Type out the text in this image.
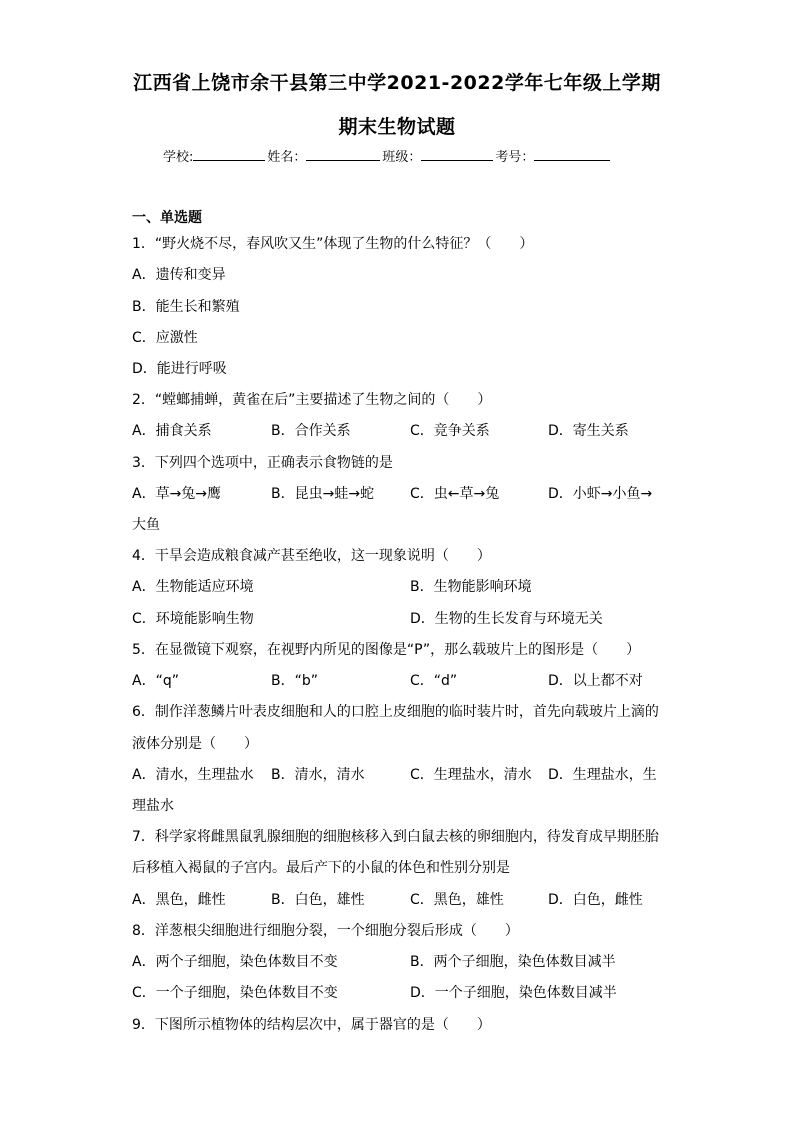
江西省上饶市余干县第三中学2021-2022学年七年级上学期
期末生物试题
学校:	姓名：	班级：	考号：
一、单选题
1．“野火烧不尽，春风吹又生”体现了生物的什么特征？（　　）
A．遗传和变异
B．能生长和繁殖
C．应激性
D．能进行呼吸
2．“螳螂捕蝉，黄雀在后”主要描述了生物之间的（　　）
A．捕食关系	B．合作关系	C．竞争关系	D．寄生关系
3．下列四个选项中，正确表示食物链的是
A．草→兔→鹰	B．昆虫→蛙→蛇	C．虫←草→兔	D．小虾→小鱼→
大鱼
4．干旱会造成粮食减产甚至绝收，这一现象说明（　　）
A．生物能适应环境	B．生物能影响环境
C．环境能影响生物	D．生物的生长发育与环境无关
5．在显微镜下观察，在视野内所见的图像是“P”，那么载玻片上的图形是（　　）
A．“q”	B．“b”	C．“d”	D．以上都不对
6．制作洋葱鳞片叶表皮细胞和人的口腔上皮细胞的临时装片时，首先向载玻片上滴的
液体分别是（　　）
A．清水，生理盐水 B．清水，清水	C．生理盐水，清水 D．生理盐水，生
理盐水
7．科学家将雌黑鼠乳腺细胞的细胞核移入到白鼠去核的卵细胞内，待发育成早期胚胎
后移植入褐鼠的子宫内。最后产下的小鼠的体色和性别分别是
A．黑色，雌性	B．白色，雄性	C．黑色，雄性	D．白色，雌性
8．洋葱根尖细胞进行细胞分裂，一个细胞分裂后形成（　　）
A．两个子细胞，染色体数目不变	B．两个子细胞，染色体数目减半
C．一个子细胞，染色体数目不变	D．一个子细胞，染色体数目减半
9．下图所示植物体的结构层次中，属于器官的是（　　）
